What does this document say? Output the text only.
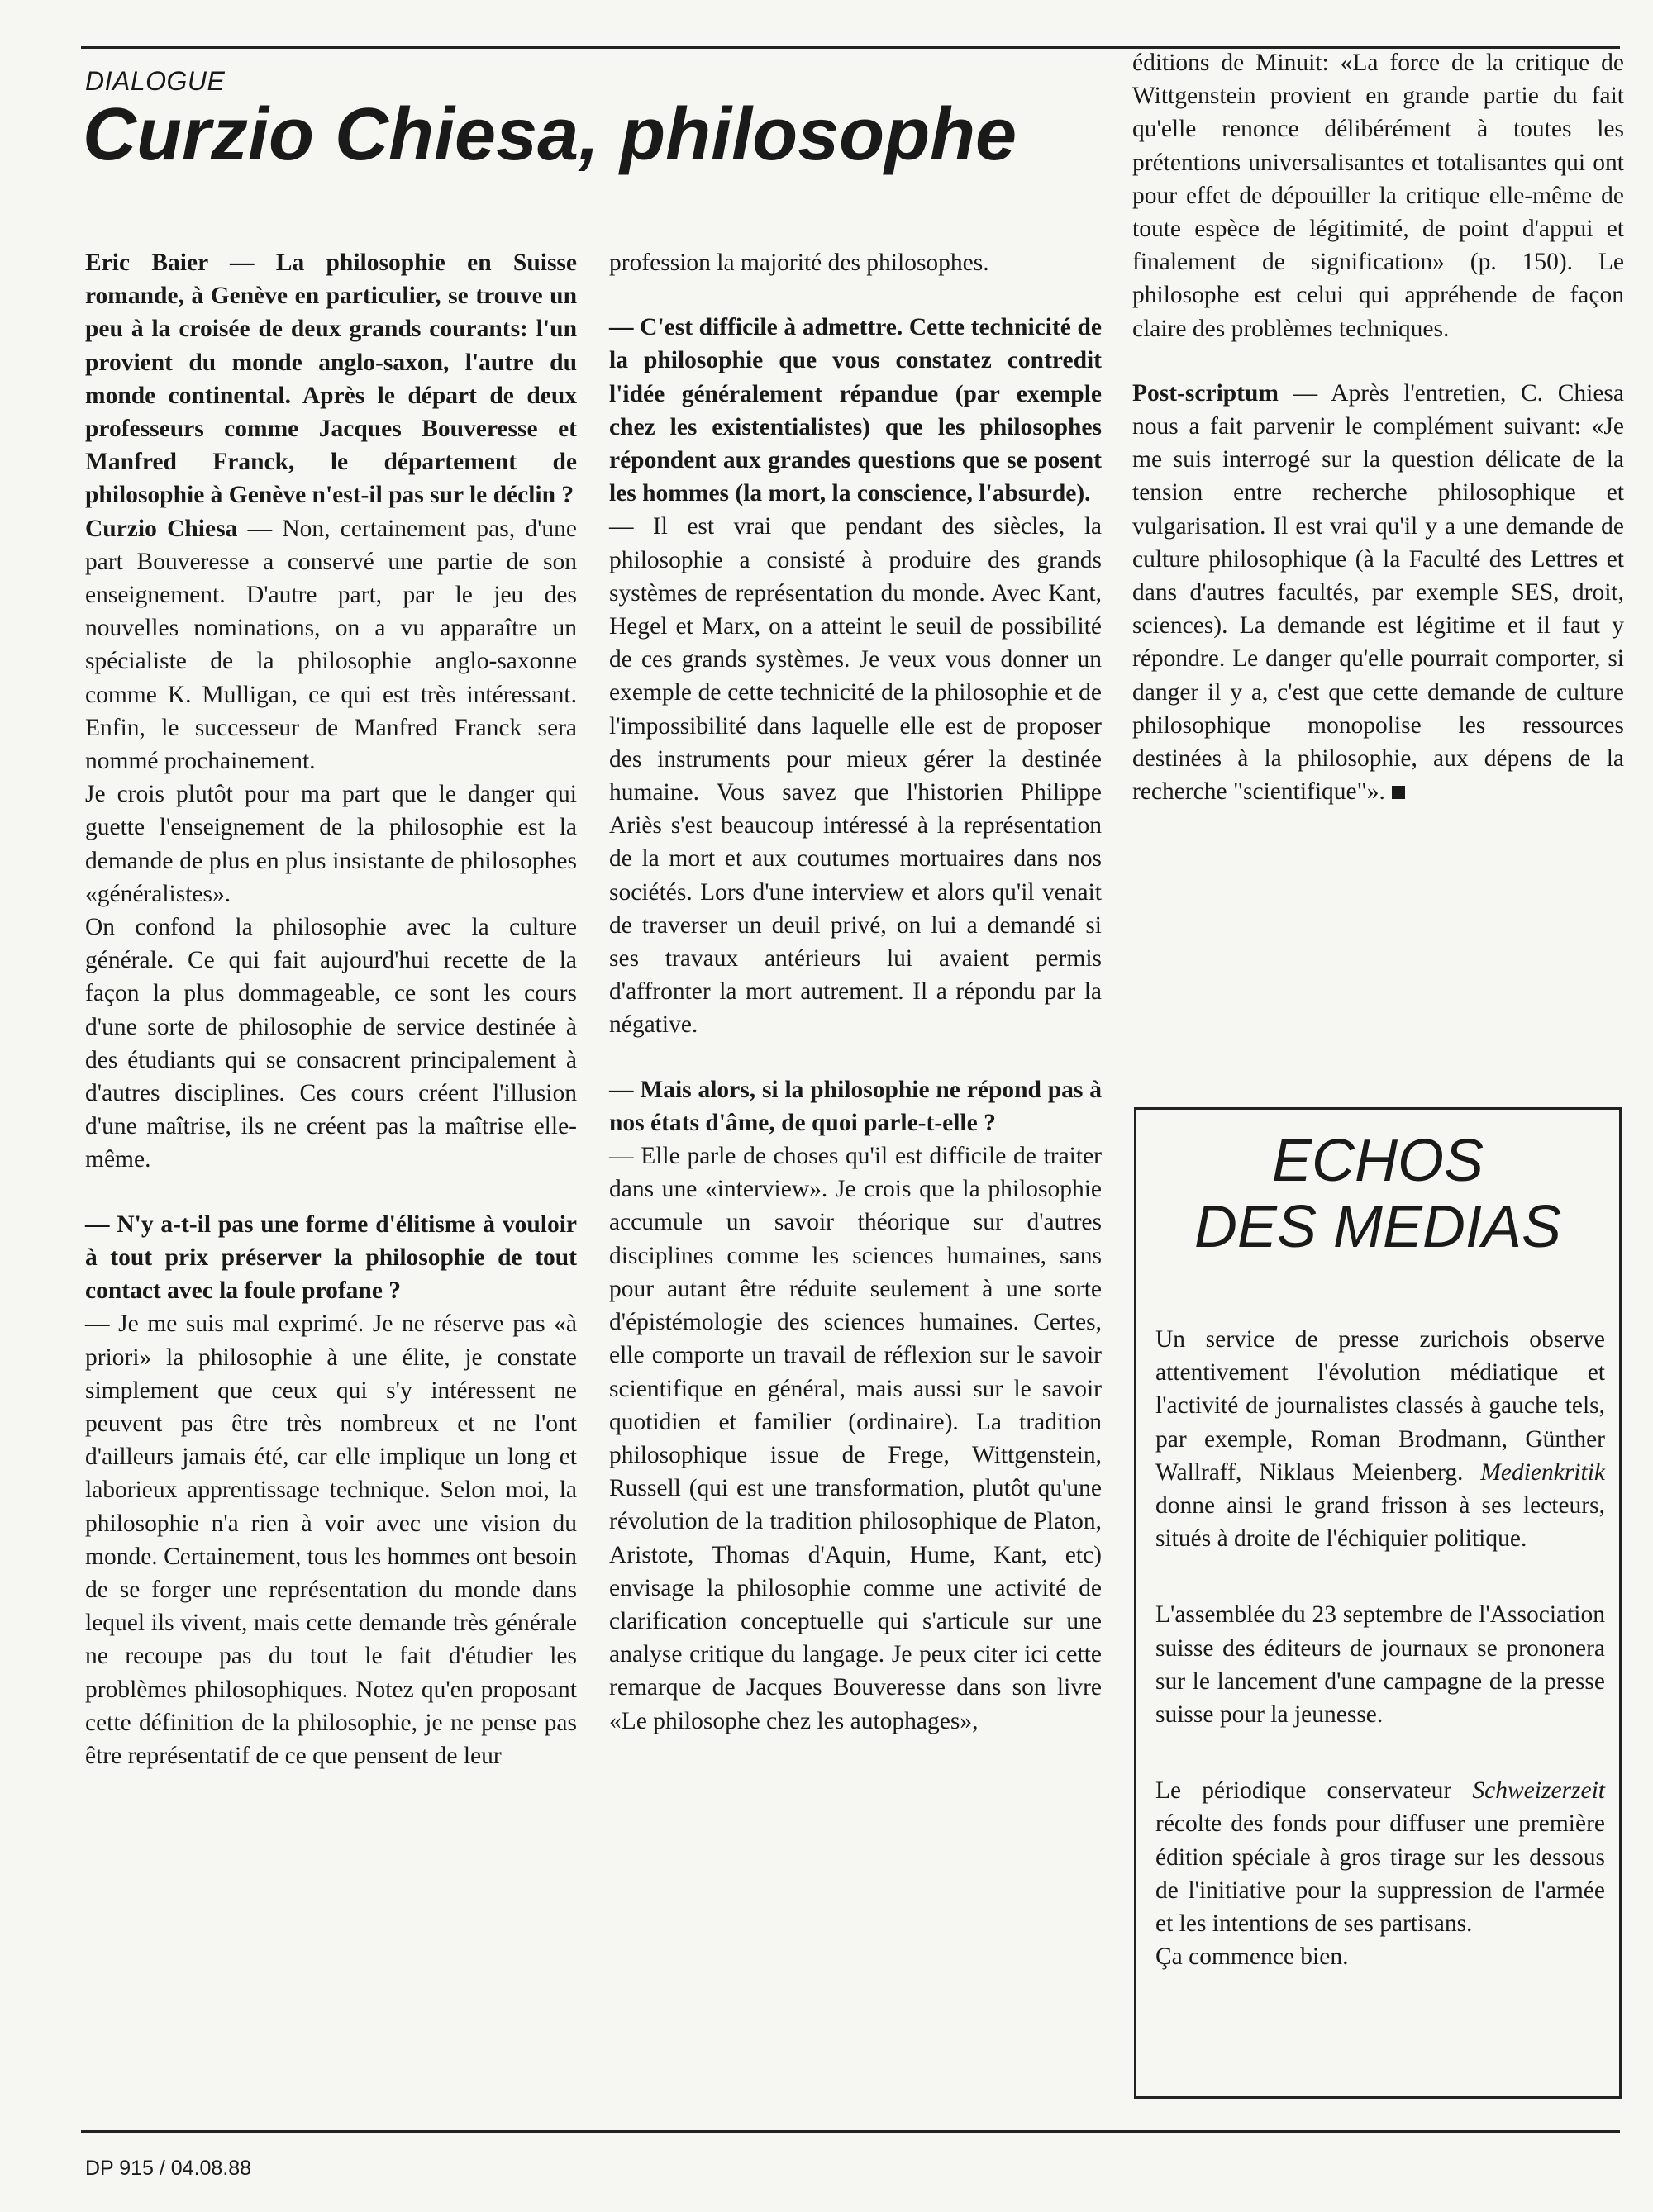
DIALOGUE
Curzio Chiesa, philosophe

Eric Baier — La philosophie en Suisse romande, à Genève en particulier, se trouve un peu à la croisée de deux grands courants: l'un provient du monde anglo-saxon, l'autre du monde continental. Après le départ de deux professeurs comme Jacques Bouveresse et Manfred Franck, le département de philosophie à Genève n'est-il pas sur le déclin ?

Curzio Chiesa — Non, certainement pas, d'une part Bouveresse a conservé une partie de son enseignement. D'autre part, par le jeu des nouvelles nominations, on a vu apparaître un spécialiste de la philosophie anglo-saxonne comme K. Mulligan, ce qui est très intéressant. Enfin, le successeur de Manfred Franck sera nommé prochainement.

Je crois plutôt pour ma part que le danger qui guette l'enseignement de la philosophie est la demande de plus en plus insistante de philosophes «généralistes».

On confond la philosophie avec la culture générale. Ce qui fait aujourd'hui recette de la façon la plus dommageable, ce sont les cours d'une sorte de philosophie de service destinée à des étudiants qui se consacrent principalement à d'autres disciplines. Ces cours créent l'illusion d'une maîtrise, ils ne créent pas la maîtrise elle-même.

— N'y a-t-il pas une forme d'élitisme à vouloir à tout prix préserver la philosophie de tout contact avec la foule profane ?

— Je me suis mal exprimé. Je ne réserve pas «à priori» la philosophie à une élite, je constate simplement que ceux qui s'y intéressent ne peuvent pas être très nombreux et ne l'ont d'ailleurs jamais été, car elle implique un long et laborieux apprentissage technique. Selon moi, la philosophie n'a rien à voir avec une vision du monde. Certainement, tous les hommes ont besoin de se forger une représentation du monde dans lequel ils vivent, mais cette demande très générale ne recoupe pas du tout le fait d'étudier les problèmes philosophiques. Notez qu'en proposant cette définition de la philosophie, je ne pense pas être représentatif de ce que pensent de leur

profession la majorité des philosophes.

— C'est difficile à admettre. Cette technicité de la philosophie que vous constatez contredit l'idée généralement répandue (par exemple chez les existentialistes) que les philosophes répondent aux grandes questions que se posent les hommes (la mort, la conscience, l'absurde).

— Il est vrai que pendant des siècles, la philosophie a consisté à produire des grands systèmes de représentation du monde. Avec Kant, Hegel et Marx, on a atteint le seuil de possibilité de ces grands systèmes. Je veux vous donner un exemple de cette technicité de la philosophie et de l'impossibilité dans laquelle elle est de proposer des instruments pour mieux gérer la destinée humaine. Vous savez que l'historien Philippe Ariès s'est beaucoup intéressé à la représentation de la mort et aux coutumes mortuaires dans nos sociétés. Lors d'une interview et alors qu'il venait de traverser un deuil privé, on lui a demandé si ses travaux antérieurs lui avaient permis d'affronter la mort autrement. Il a répondu par la négative.

— Mais alors, si la philosophie ne répond pas à nos états d'âme, de quoi parle-t-elle ?

— Elle parle de choses qu'il est difficile de traiter dans une «interview». Je crois que la philosophie accumule un savoir théorique sur d'autres disciplines comme les sciences humaines, sans pour autant être réduite seulement à une sorte d'épistémologie des sciences humaines. Certes, elle comporte un travail de réflexion sur le savoir scientifique en général, mais aussi sur le savoir quotidien et familier (ordinaire). La tradition philosophique issue de Frege, Wittgenstein, Russell (qui est une transformation, plutôt qu'une révolution de la tradition philosophique de Platon, Aristote, Thomas d'Aquin, Hume, Kant, etc) envisage la philosophie comme une activité de clarification conceptuelle qui s'articule sur une analyse critique du langage. Je peux citer ici cette remarque de Jacques Bouveresse dans son livre «Le philosophe chez les autophages»,

éditions de Minuit: «La force de la critique de Wittgenstein provient en grande partie du fait qu'elle renonce délibérément à toutes les prétentions universalisantes et totalisantes qui ont pour effet de dépouiller la critique elle-même de toute espèce de légitimité, de point d'appui et finalement de signification» (p. 150). Le philosophe est celui qui appréhende de façon claire des problèmes techniques.

Post-scriptum — Après l'entretien, C. Chiesa nous a fait parvenir le complément suivant: «Je me suis interrogé sur la question délicate de la tension entre recherche philosophique et vulgarisation. Il est vrai qu'il y a une demande de culture philosophique (à la Faculté des Lettres et dans d'autres facultés, par exemple SES, droit, sciences). La demande est légitime et il faut y répondre. Le danger qu'elle pourrait comporter, si danger il y a, c'est que cette demande de culture philosophique monopolise les ressources destinées à la philosophie, aux dépens de la recherche "scientifique"».

ECHOS
DES MEDIAS

Un service de presse zurichois observe attentivement l'évolution médiatique et l'activité de journalistes classés à gauche tels, par exemple, Roman Brodmann, Günther Wallraff, Niklaus Meienberg. Medienkritik donne ainsi le grand frisson à ses lecteurs, situés à droite de l'échiquier politique.

L'assemblée du 23 septembre de l'Association suisse des éditeurs de journaux se prononera sur le lancement d'une campagne de la presse suisse pour la jeunesse.

Le périodique conservateur Schweizerzeit récolte des fonds pour diffuser une première édition spéciale à gros tirage sur les dessous de l'initiative pour la suppression de l'armée et les intentions de ses partisans.

Ça commence bien.

DP 915 / 04.08.88
